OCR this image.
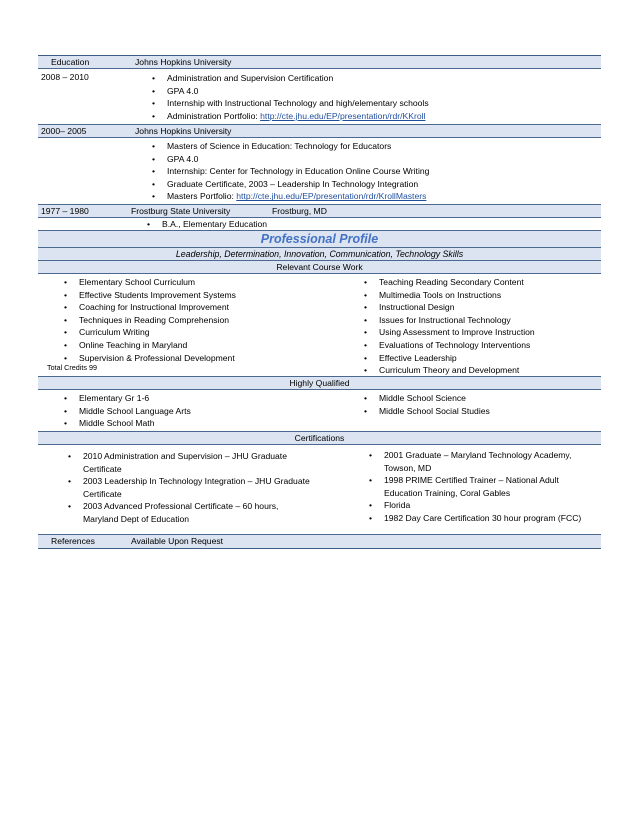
Education	Johns Hopkins University
2008 – 2010	• Administration and Supervision Certification
• GPA 4.0
• Internship with Instructional Technology and high/elementary schools
• Administration Portfolio: http://cte.jhu.edu/EP/presentation/rdr/KKroll
2000– 2005	Johns Hopkins University
• Masters of Science in Education: Technology for Educators
• GPA 4.0
• Internship: Center for Technology in Education Online Course Writing
• Graduate Certificate, 2003 – Leadership In Technology Integration
• Masters Portfolio: http://cte.jhu.edu/EP/presentation/rdr/KrollMasters
1977 – 1980	Frostburg State University	Frostburg, MD
• B.A., Elementary Education
Professional Profile
Leadership, Determination, Innovation, Communication, Technology Skills
Relevant Course Work
• Elementary School Curriculum
• Effective Students Improvement Systems
• Coaching for Instructional Improvement
• Techniques in Reading Comprehension
• Curriculum Writing
• Online Teaching in Maryland
• Supervision & Professional Development
Total Credits 99
• Teaching Reading Secondary Content
• Multimedia Tools on Instructions
• Instructional Design
• Issues for Instructional Technology
• Using Assessment to Improve Instruction
• Evaluations of Technology Interventions
• Effective Leadership
• Curriculum Theory and Development
Highly Qualified
• Elementary Gr 1-6
• Middle School Language Arts
• Middle School Math
• Middle School Science
• Middle School Social Studies
Certifications
• 2010 Administration and Supervision – JHU Graduate Certificate
• 2003 Leadership In Technology Integration – JHU Graduate Certificate
• 2003 Advanced Professional Certificate – 60 hours, Maryland Dept of Education
• 2001 Graduate – Maryland Technology Academy, Towson, MD
• 1998 PRIME Certified Trainer – National Adult Education Training, Coral Gables
• Florida
• 1982 Day Care Certification 30 hour program (FCC)
References	Available Upon Request
